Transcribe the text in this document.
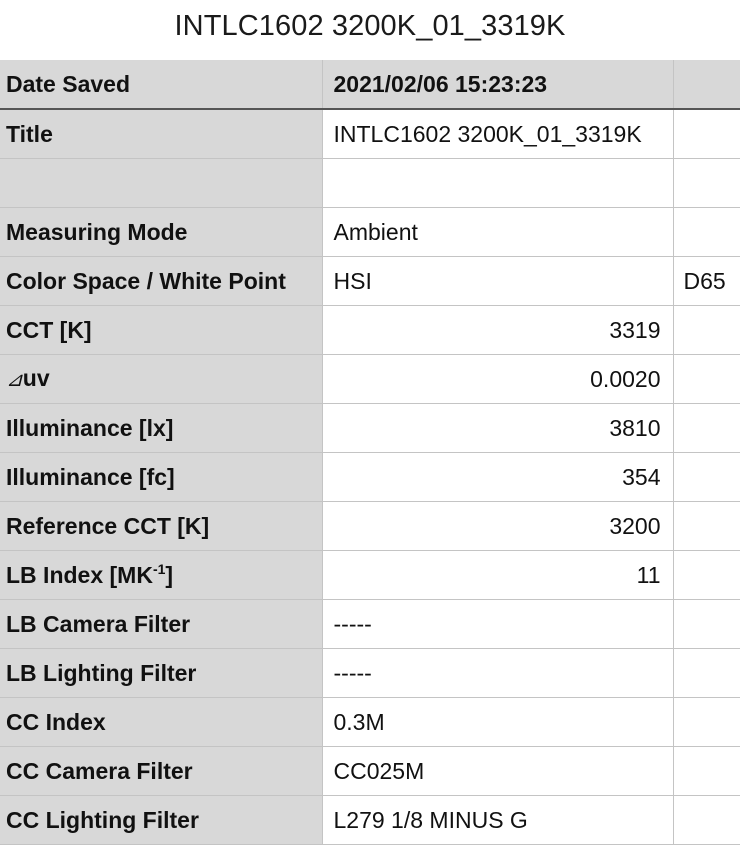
INTLC1602 3200K_01_3319K
Date Saved	2021/02/06 15:23:23	
Title	INTLC1602 3200K_01_3319K	

Measuring Mode	Ambient	
Color Space / White Point	HSI	D65
CCT [K]	3319	
⊿uv	0.0020	
Illuminance [lx]	3810	
Illuminance [fc]	354	
Reference CCT [K]	3200	
LB Index $[MK^{-1}]$	11	
LB Camera Filter	-----	
LB Lighting Filter	-----	
CC Index	0.3M	
CC Camera Filter	CC025M	
CC Lighting Filter	L279 1/8 MINUS G	
